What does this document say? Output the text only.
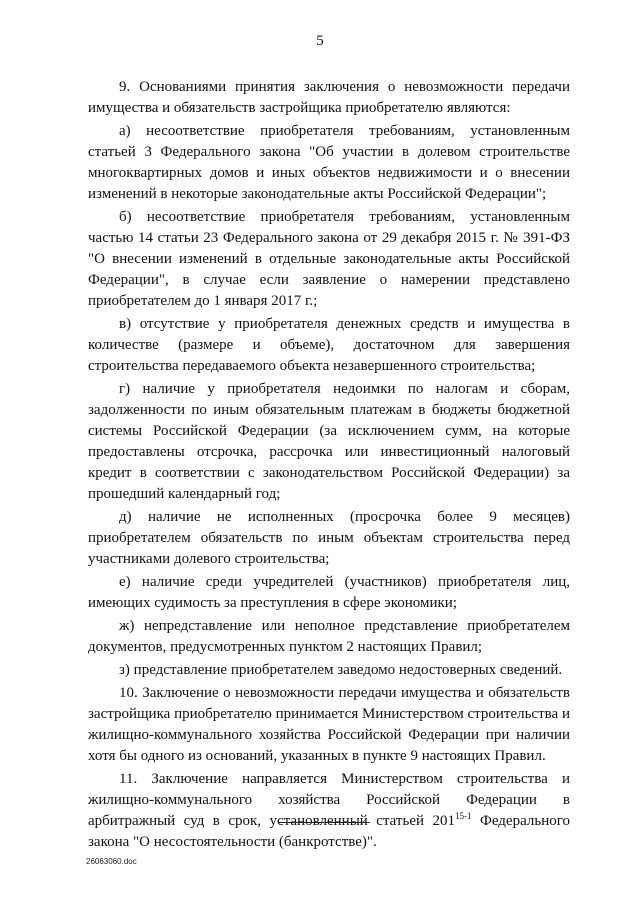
5

9. Основаниями принятия заключения о невозможности передачи имущества и обязательств застройщика приобретателю являются:

а) несоответствие приобретателя требованиям, установленным статьей 3 Федерального закона "Об участии в долевом строительстве многоквартирных домов и иных объектов недвижимости и о внесении изменений в некоторые законодательные акты Российской Федерации";

б) несоответствие приобретателя требованиям, установленным частью 14 статьи 23 Федерального закона от 29 декабря 2015 г. № 391-ФЗ "О внесении изменений в отдельные законодательные акты Российской Федерации", в случае если заявление о намерении представлено приобретателем до 1 января 2017 г.;

в) отсутствие у приобретателя денежных средств и имущества в количестве (размере и объеме), достаточном для завершения строительства передаваемого объекта незавершенного строительства;

г) наличие у приобретателя недоимки по налогам и сборам, задолженности по иным обязательным платежам в бюджеты бюджетной системы Российской Федерации (за исключением сумм, на которые предоставлены отсрочка, рассрочка или инвестиционный налоговый кредит в соответствии с законодательством Российской Федерации) за прошедший календарный год;

д) наличие не исполненных (просрочка более 9 месяцев) приобретателем обязательств по иным объектам строительства перед участниками долевого строительства;

е) наличие среди учредителей (участников) приобретателя лиц, имеющих судимость за преступления в сфере экономики;

ж) непредставление или неполное представление приобретателем документов, предусмотренных пунктом 2 настоящих Правил;

з) представление приобретателем заведомо недостоверных сведений.

10. Заключение о невозможности передачи имущества и обязательств застройщика приобретателю принимается Министерством строительства и жилищно-коммунального хозяйства Российской Федерации при наличии хотя бы одного из оснований, указанных в пункте 9 настоящих Правил.

11. Заключение направляется Министерством строительства и жилищно-коммунального хозяйства Российской Федерации в арбитражный суд в срок, установленный статьей 201$^{15-1}$ Федерального закона "О несостоятельности (банкротстве)".

26063060.doc
